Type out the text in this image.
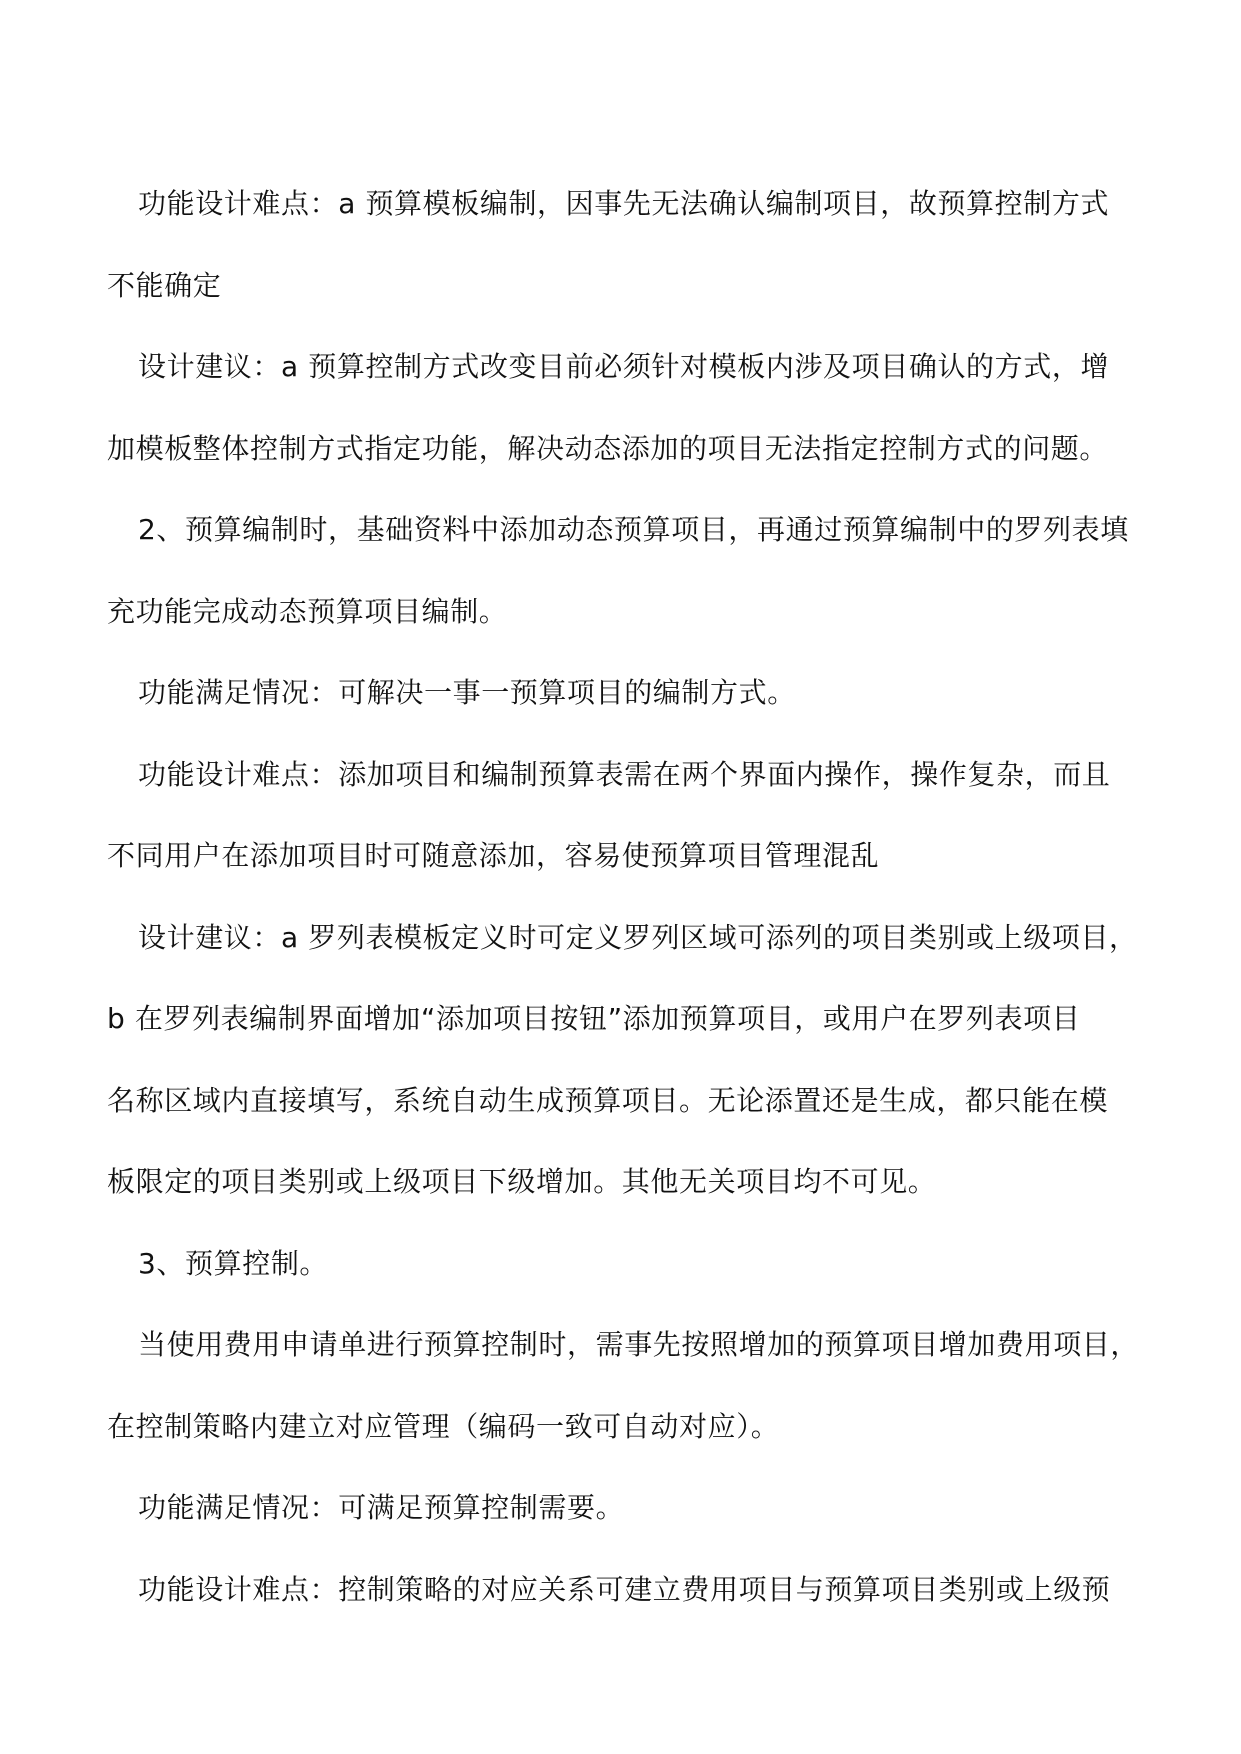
功能设计难点：a 预算模板编制，因事先无法确认编制项目，故预算控制方式

不能确定

设计建议：a 预算控制方式改变目前必须针对模板内涉及项目确认的方式，增

加模板整体控制方式指定功能，解决动态添加的项目无法指定控制方式的问题。

2、预算编制时，基础资料中添加动态预算项目，再通过预算编制中的罗列表填

充功能完成动态预算项目编制。

功能满足情况：可解决一事一预算项目的编制方式。

功能设计难点：添加项目和编制预算表需在两个界面内操作，操作复杂，而且

不同用户在添加项目时可随意添加，容易使预算项目管理混乱

设计建议：a 罗列表模板定义时可定义罗列区域可添列的项目类别或上级项目，

b 在罗列表编制界面增加“添加项目按钮”添加预算项目，或用户在罗列表项目

名称区域内直接填写，系统自动生成预算项目。无论添置还是生成，都只能在模

板限定的项目类别或上级项目下级增加。其他无关项目均不可见。

3、预算控制。

当使用费用申请单进行预算控制时，需事先按照增加的预算项目增加费用项目，

在控制策略内建立对应管理（编码一致可自动对应）。

功能满足情况：可满足预算控制需要。

功能设计难点：控制策略的对应关系可建立费用项目与预算项目类别或上级预
